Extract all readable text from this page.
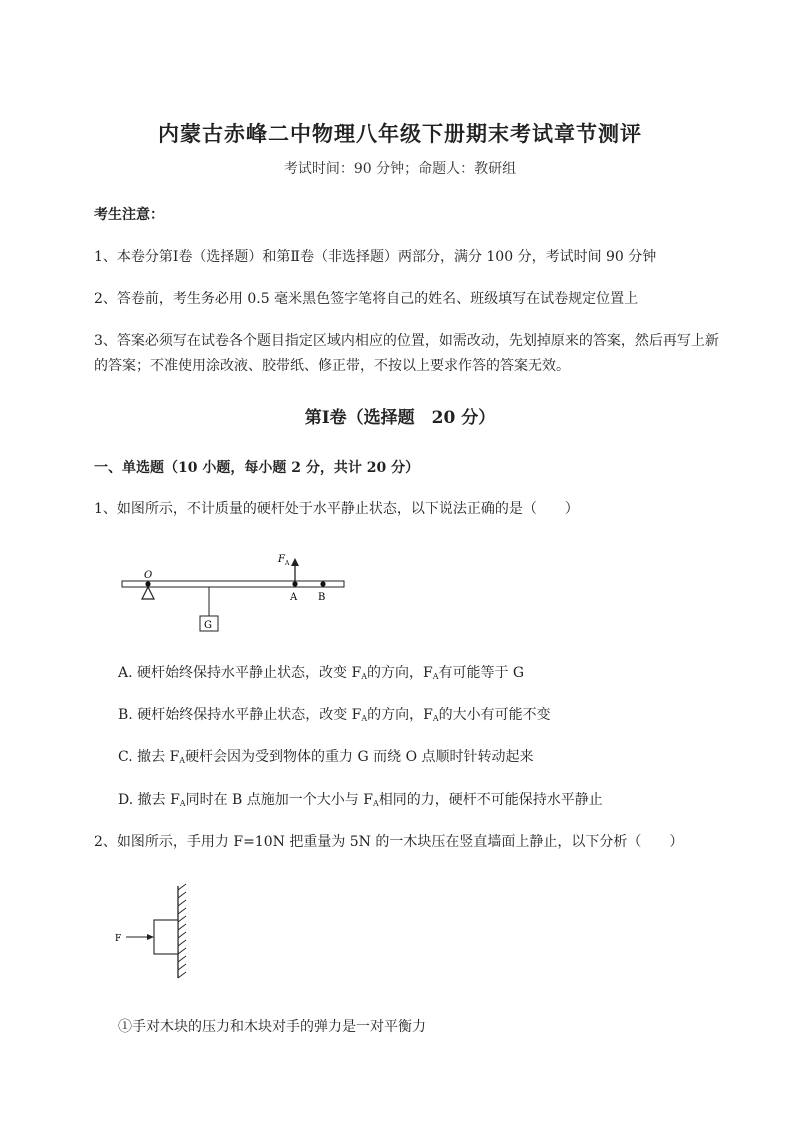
内蒙古赤峰二中物理八年级下册期末考试章节测评
考试时间：90 分钟；命题人：教研组
考生注意：
1、本卷分第Ⅰ卷（选择题）和第Ⅱ卷（非选择题）两部分，满分 100 分，考试时间 90 分钟
2、答卷前，考生务必用 0.5 毫米黑色签字笔将自己的姓名、班级填写在试卷规定位置上
3、答案必须写在试卷各个题目指定区域内相应的位置，如需改动，先划掉原来的答案，然后再写上新
的答案；不准使用涂改液、胶带纸、修正带，不按以上要求作答的答案无效。
第Ⅰ卷（选择题　20 分）
一、单选题（10 小题，每小题 2 分，共计 20 分）
1、如图所示，不计质量的硬杆处于水平静止状态，以下说法正确的是（　　）
O
G
A B
F A
A. 硬杆始终保持水平静止状态，改变 $F_A$的方向，$F_A$有可能等于 G
B. 硬杆始终保持水平静止状态，改变 $F_A$的方向，$F_A$的大小有可能不变
C. 撤去 $F_A$硬杆会因为受到物体的重力 G 而绕 O 点顺时针转动起来
D. 撤去 $F_A$同时在 B 点施加一个大小与 $F_A$相同的力，硬杆不可能保持水平静止
2、如图所示，手用力 F=10N 把重量为 5N 的一木块压在竖直墙面上静止，以下分析（　　）
F
①手对木块的压力和木块对手的弹力是一对平衡力
